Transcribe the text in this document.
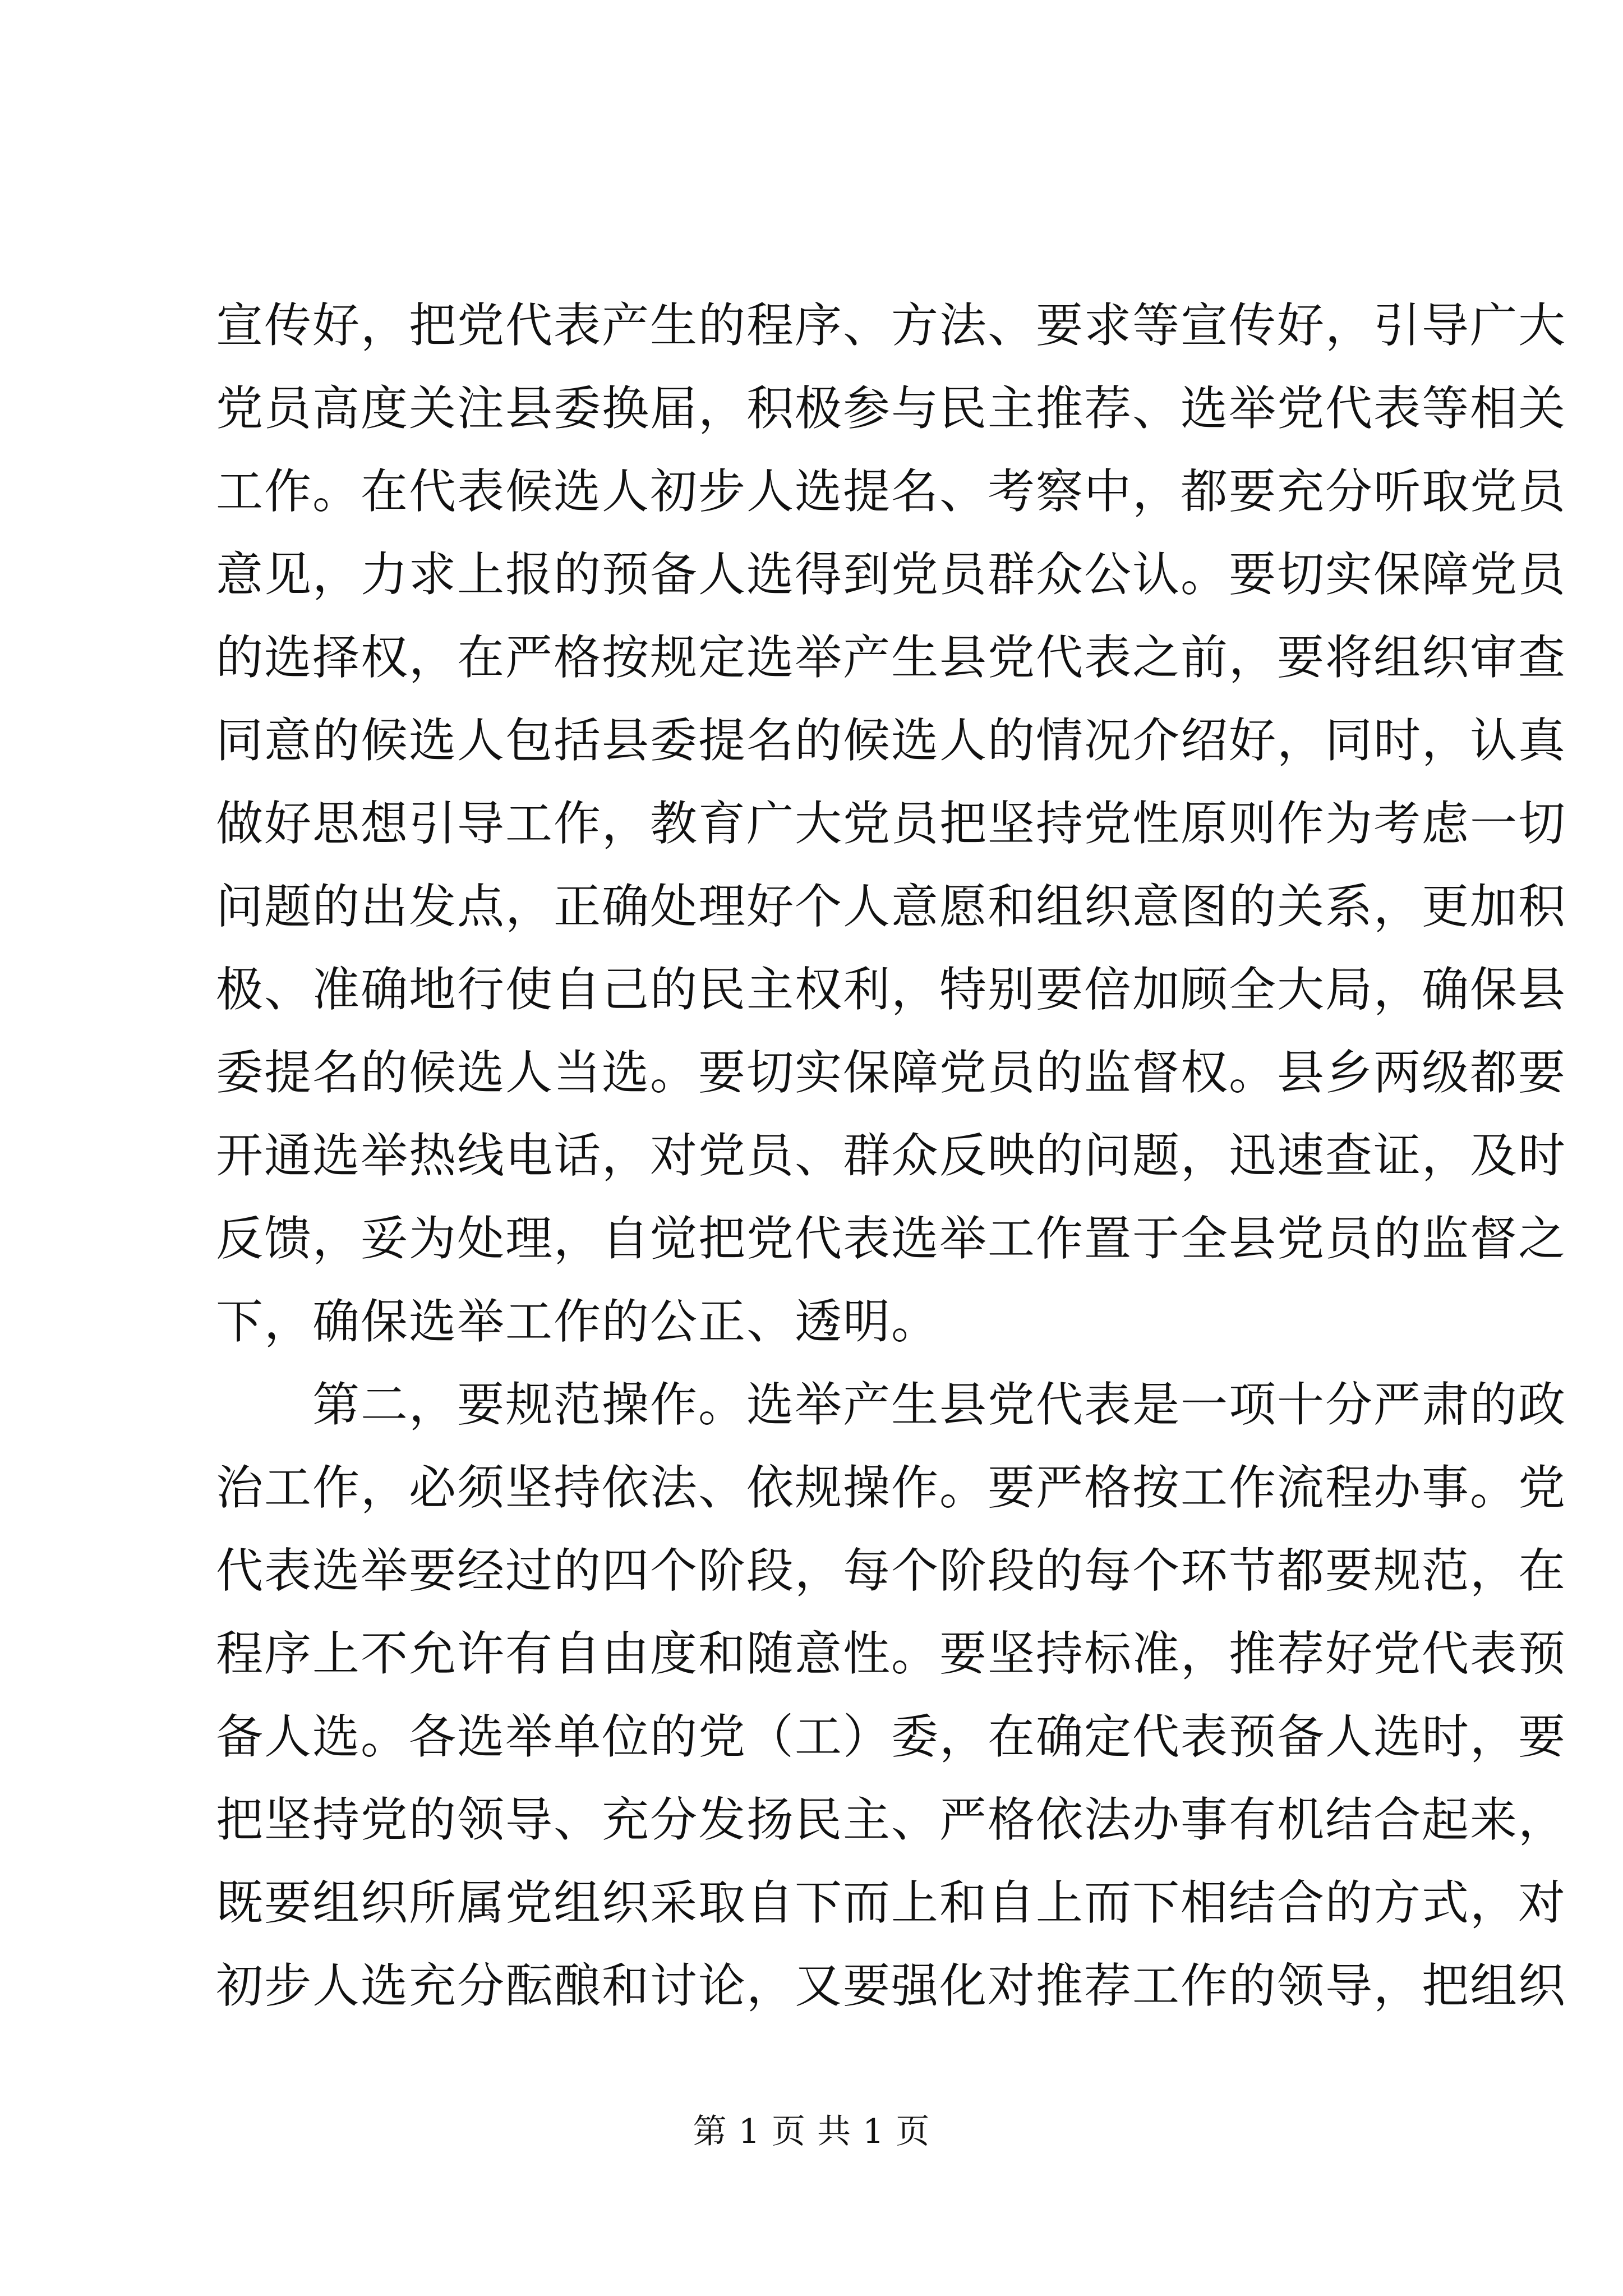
宣传好，把党代表产生的程序、方法、要求等宣传好，引导广大
党员高度关注县委换届，积极参与民主推荐、选举党代表等相关
工作。在代表候选人初步人选提名、考察中，都要充分听取党员
意见，力求上报的预备人选得到党员群众公认。要切实保障党员
的选择权，在严格按规定选举产生县党代表之前，要将组织审查
同意的候选人包括县委提名的候选人的情况介绍好，同时，认真
做好思想引导工作，教育广大党员把坚持党性原则作为考虑一切
问题的出发点，正确处理好个人意愿和组织意图的关系，更加积
极、准确地行使自己的民主权利，特别要倍加顾全大局，确保县
委提名的候选人当选。要切实保障党员的监督权。县乡两级都要
开通选举热线电话，对党员、群众反映的问题，迅速查证，及时
反馈，妥为处理，自觉把党代表选举工作置于全县党员的监督之
下，确保选举工作的公正、透明。
　　第二，要规范操作。选举产生县党代表是一项十分严肃的政
治工作，必须坚持依法、依规操作。要严格按工作流程办事。党
代表选举要经过的四个阶段，每个阶段的每个环节都要规范，在
程序上不允许有自由度和随意性。要坚持标准，推荐好党代表预
备人选。各选举单位的党（工）委，在确定代表预备人选时，要
把坚持党的领导、充分发扬民主、严格依法办事有机结合起来，
既要组织所属党组织采取自下而上和自上而下相结合的方式，对
初步人选充分酝酿和讨论，又要强化对推荐工作的领导，把组织
第 1 页 共 1 页
